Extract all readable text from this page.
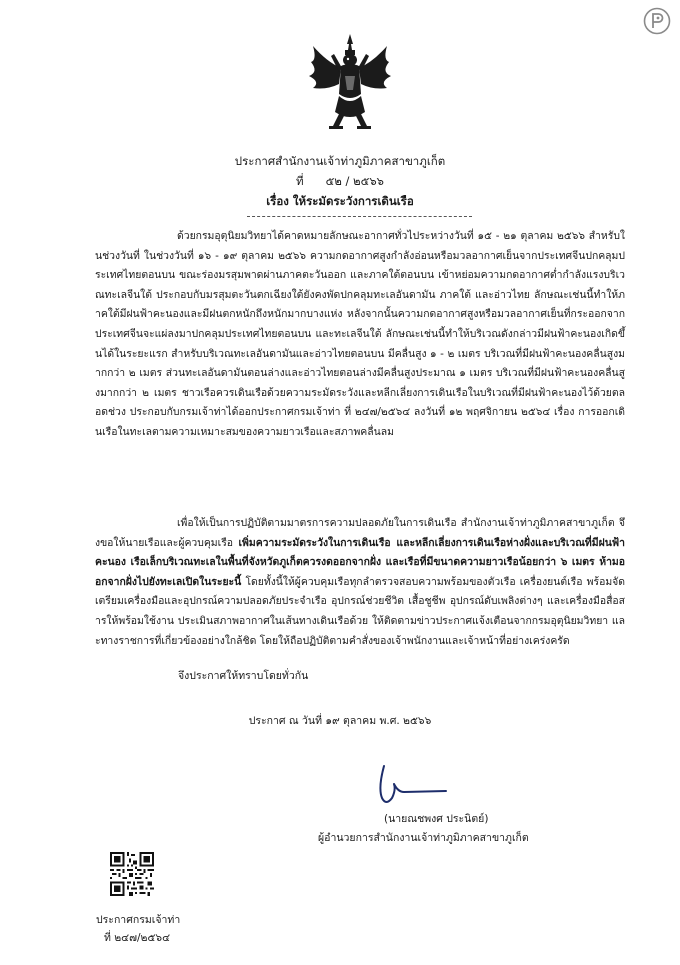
ประกาศสำนักงานเจ้าท่าภูมิภาคสาขาภูเก็ต
ที่ ๕๒ / ๒๕๖๖
เรื่อง ให้ระมัดระวังการเดินเรือ
ด้วยกรมอุตุนิยมวิทยาได้คาดหมายลักษณะอากาศทั่วไประหว่างวันที่ ๑๕ - ๒๑ ตุลาคม ๒๕๖๖ สำหรับในช่วงวันที่ ในช่วงวันที่ ๑๖ - ๑๙ ตุลาคม ๒๕๖๖ ความกดอากาศสูงกำลังอ่อนหรือมวลอากาศเย็นจากประเทศจีนปกคลุมประเทศไทยตอนบน ขณะร่องมรสุมพาดผ่านภาคตะวันออก และภาคใต้ตอนบน เข้าหย่อมความกดอากาศต่ำกำลังแรงบริเวณทะเลจีนใต้ ประกอบกับมรสุมตะวันตกเฉียงใต้ยังคงพัดปกคลุมทะเลอันดามัน ภาคใต้ และอ่าวไทย ลักษณะเช่นนี้ทำให้ภาคใต้มีฝนฟ้าคะนองและมีฝนตกหนักถึงหนักมากบางแห่ง หลังจากนั้นความกดอากาศสูงหรือมวลอากาศเย็นที่กระออกจากประเทศจีนจะแผ่ลงมาปกคลุมประเทศไทยตอนบน และทะเลจีนใต้ ลักษณะเช่นนี้ทำให้บริเวณดังกล่าวมีฝนฟ้าคะนองเกิดขึ้นได้ในระยะแรก สำหรับบริเวณทะเลอันดามันและอ่าวไทยตอนบน มีคลื่นสูง ๑ - ๒ เมตร บริเวณที่มีฝนฟ้าคะนองคลื่นสูงมากกว่า ๒ เมตร ส่วนทะเลอันดามันตอนล่างและอ่าวไทยตอนล่างมีคลื่นสูงประมาณ ๑ เมตร บริเวณที่มีฝนฟ้าคะนองคลื่นสูงมากกว่า ๒ เมตร ชาวเรือควรเดินเรือด้วยความระมัดระวังและหลีกเลี่ยงการเดินเรือในบริเวณที่มีฝนฟ้าคะนองไว้ด้วยตลอดช่วง ประกอบกับกรมเจ้าท่าได้ออกประกาศกรมเจ้าท่า ที่ ๒๔๗/๒๕๖๔ ลงวันที่ ๑๒ พฤศจิกายน ๒๕๖๔ เรื่อง การออกเดินเรือในทะเลตามความเหมาะสมของความยาวเรือและสภาพคลื่นลม
เพื่อให้เป็นการปฏิบัติตามมาตรการความปลอดภัยในการเดินเรือ สำนักงานเจ้าท่าภูมิภาคสาขาภูเก็ต จึงขอให้นายเรือและผู้ควบคุมเรือ เพิ่มความระมัดระวังในการเดินเรือ และหลีกเลี่ยงการเดินเรือห่างฝั่งและบริเวณที่มีฝนฟ้าคะนอง เรือเล็กบริเวณทะเลในพื้นที่จังหวัดภูเก็ตควรงดออกจากฝั่ง และเรือที่มีขนาดความยาวเรือน้อยกว่า ๖ เมตร ห้ามออกจากฝั่งไปยังทะเลเปิดในระยะนี้ โดยทั้งนี้ให้ผู้ควบคุมเรือทุกลำตรวจสอบความพร้อมของตัวเรือ เครื่องยนต์เรือ พร้อมจัดเตรียมเครื่องมือและอุปกรณ์ความปลอดภัยประจำเรือ อุปกรณ์ช่วยชีวิต เสื้อชูชีพ อุปกรณ์ดับเพลิงต่างๆ และเครื่องมือสื่อสารให้พร้อมใช้งาน ประเมินสภาพอากาศในเส้นทางเดินเรือด้วย ให้ติดตามข่าวประกาศแจ้งเตือนจากกรมอุตุนิยมวิทยา และทางราชการที่เกี่ยวข้องอย่างใกล้ชิด โดยให้ถือปฏิบัติตามคำสั่งของเจ้าพนักงานและเจ้าหน้าที่อย่างเคร่งครัด
จึงประกาศให้ทราบโดยทั่วกัน
ประกาศ ณ วันที่ ๑๙ ตุลาคม พ.ศ. ๒๕๖๖
(นายณชพงศ ประนิตย์)
ผู้อำนวยการสำนักงานเจ้าท่าภูมิภาคสาขาภูเก็ต
ประกาศกรมเจ้าท่า
ที่ ๒๔๗/๒๕๖๔
